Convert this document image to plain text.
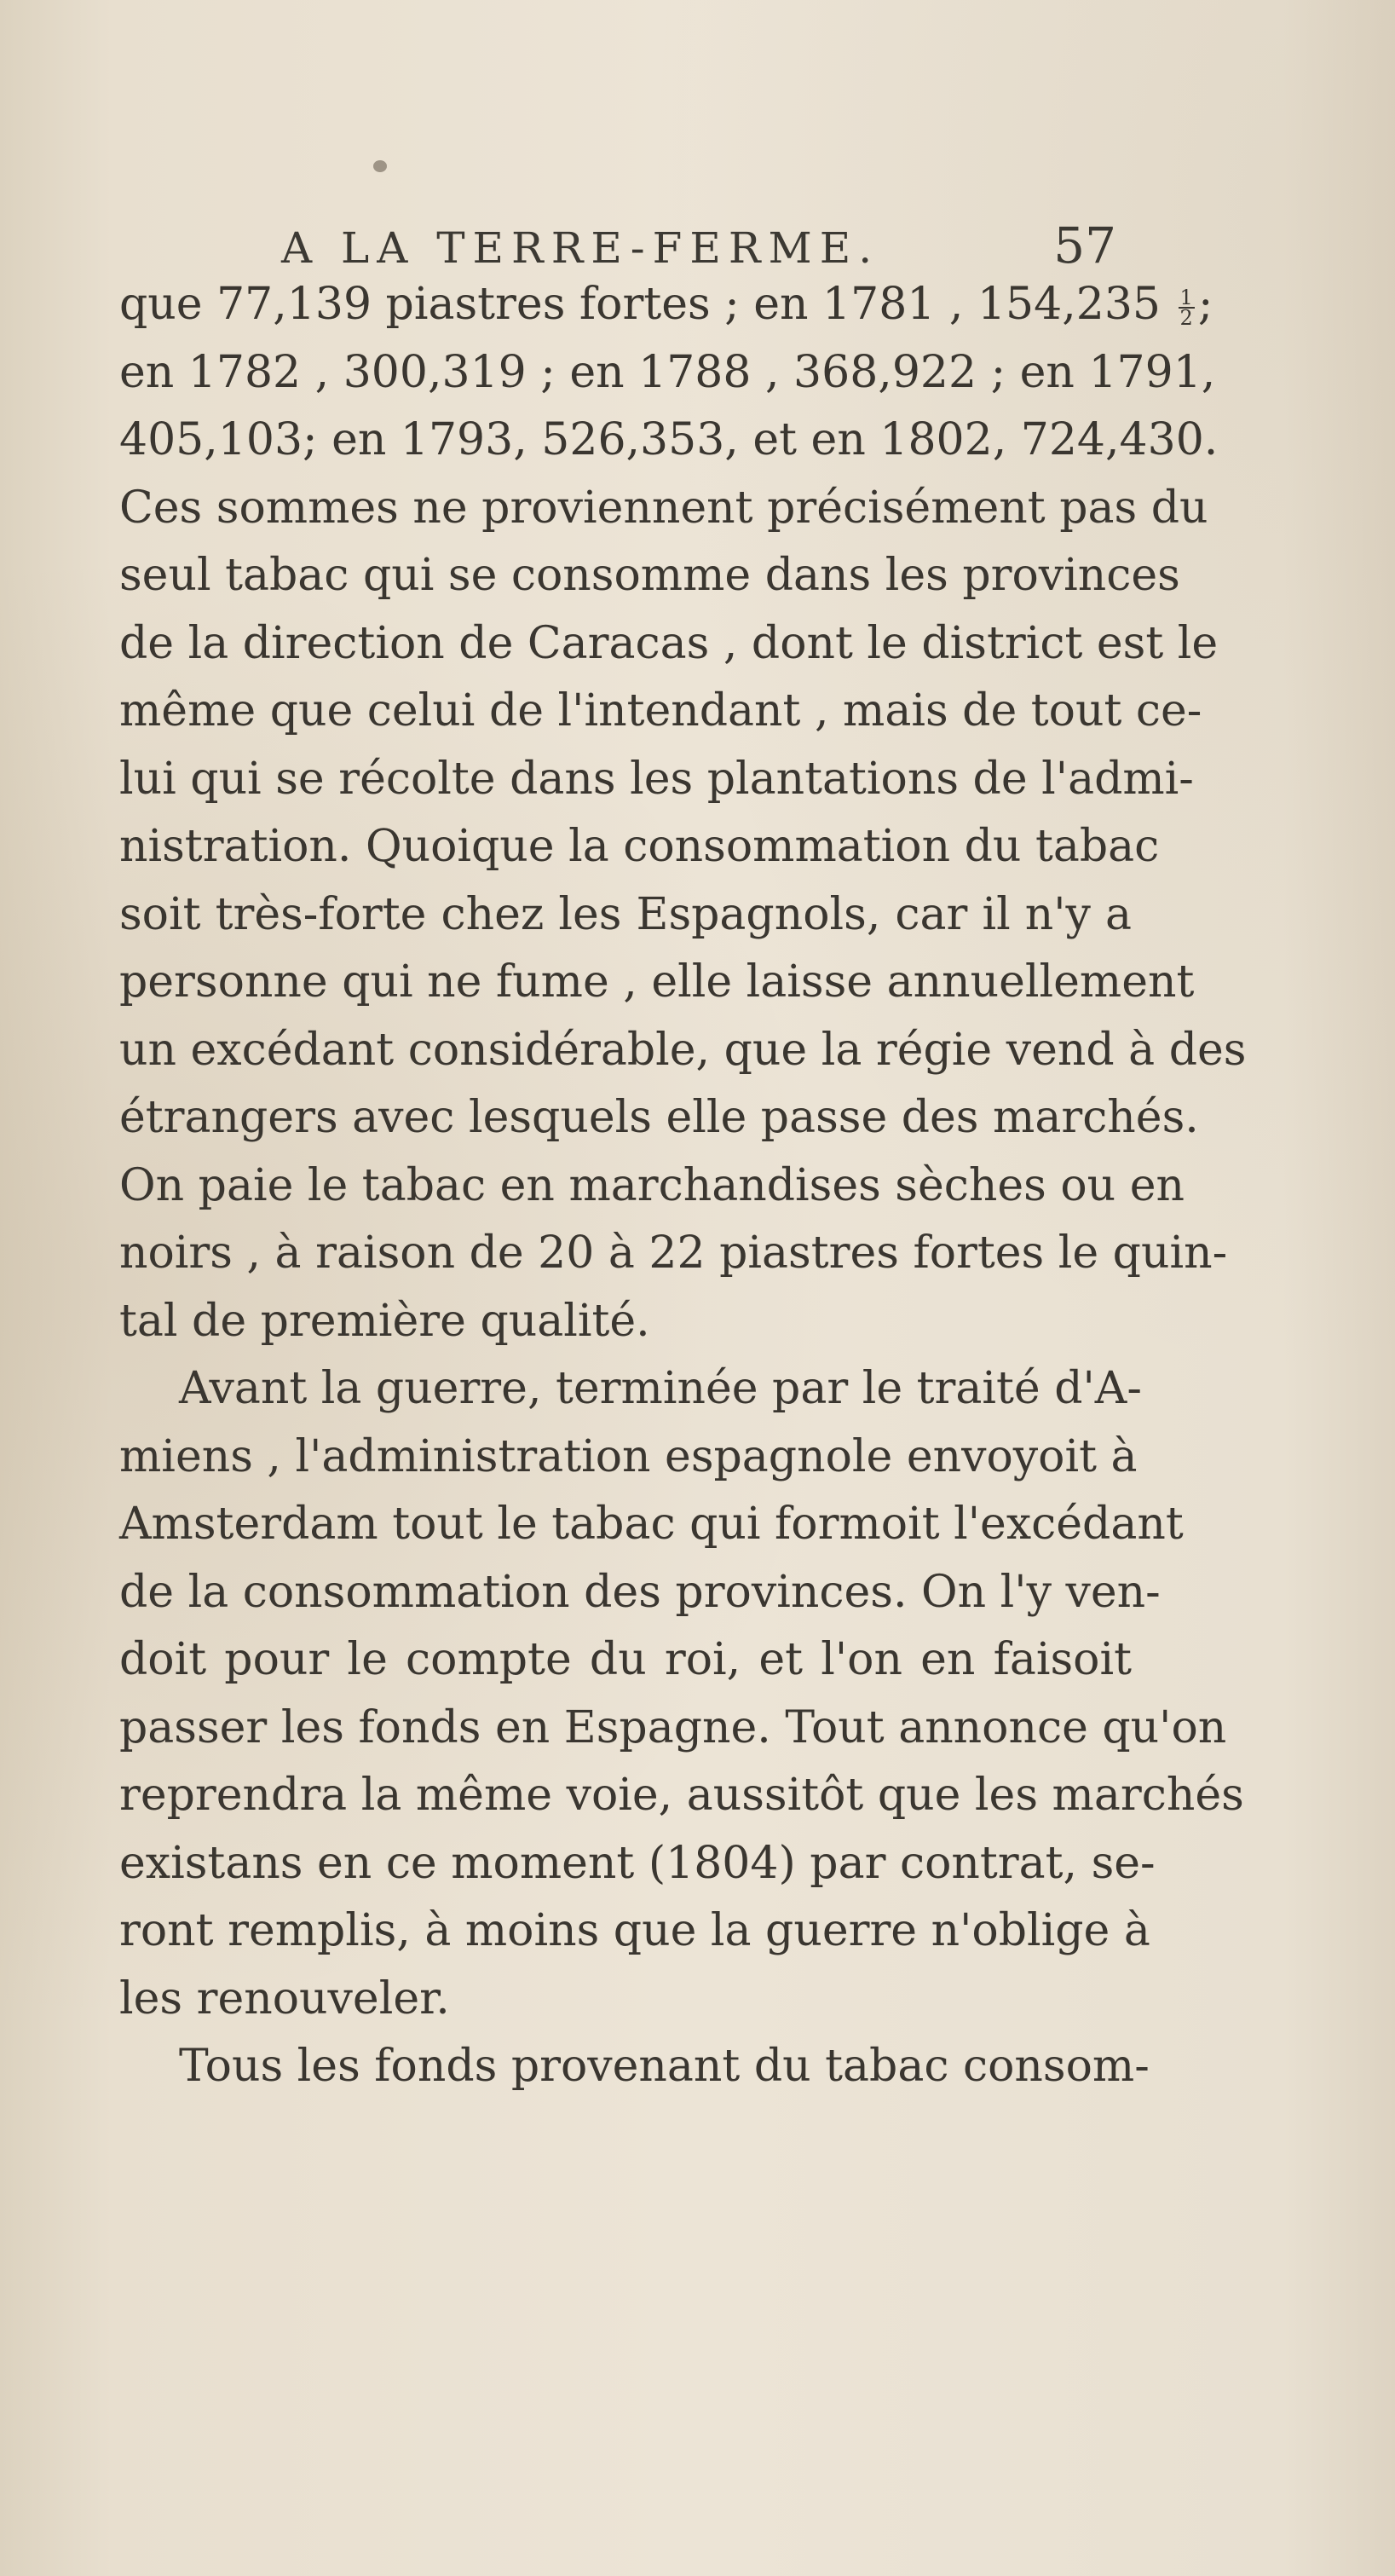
A LA TERRE-FERME.	57
que 77,139 piastres fortes ; en 1781 , $154,235 \frac{1}{2}$ ;
en 1782 , 300,319 ; en 1788 , 368,922 ; en 1791,
405,103; en 1793, 526,353, et en 1802, 724,430.
Ces sommes ne proviennent précisément pas du
seul tabac qui se consomme dans les provinces
de la direction de Caracas , dont le district est le
même que celui de l'intendant , mais de tout ce-
lui qui se récolte dans les plantations de l'admi-
nistration. Quoique la consommation du tabac
soit très-forte chez les Espagnols, car il n'y a
personne qui ne fume , elle laisse annuellement
un excédant considérable, que la régie vend à des
étrangers avec lesquels elle passe des marchés.
On paie le tabac en marchandises sèches ou en
noirs , à raison de 20 à 22 piastres fortes le quin-
tal de première qualité.
Avant la guerre, terminée par le traité d'A-
miens , l'administration espagnole envoyoit à
Amsterdam tout le tabac qui formoit l'excédant
de la consommation des provinces. On l'y ven-
doit pour le compte du roi, et l'on en faisoit
passer les fonds en Espagne. Tout annonce qu'on
reprendra la même voie, aussitôt que les marchés
existans en ce moment (1804) par contrat, se-
ront remplis, à moins que la guerre n'oblige à
les renouveler.
Tous les fonds provenant du tabac consom-
